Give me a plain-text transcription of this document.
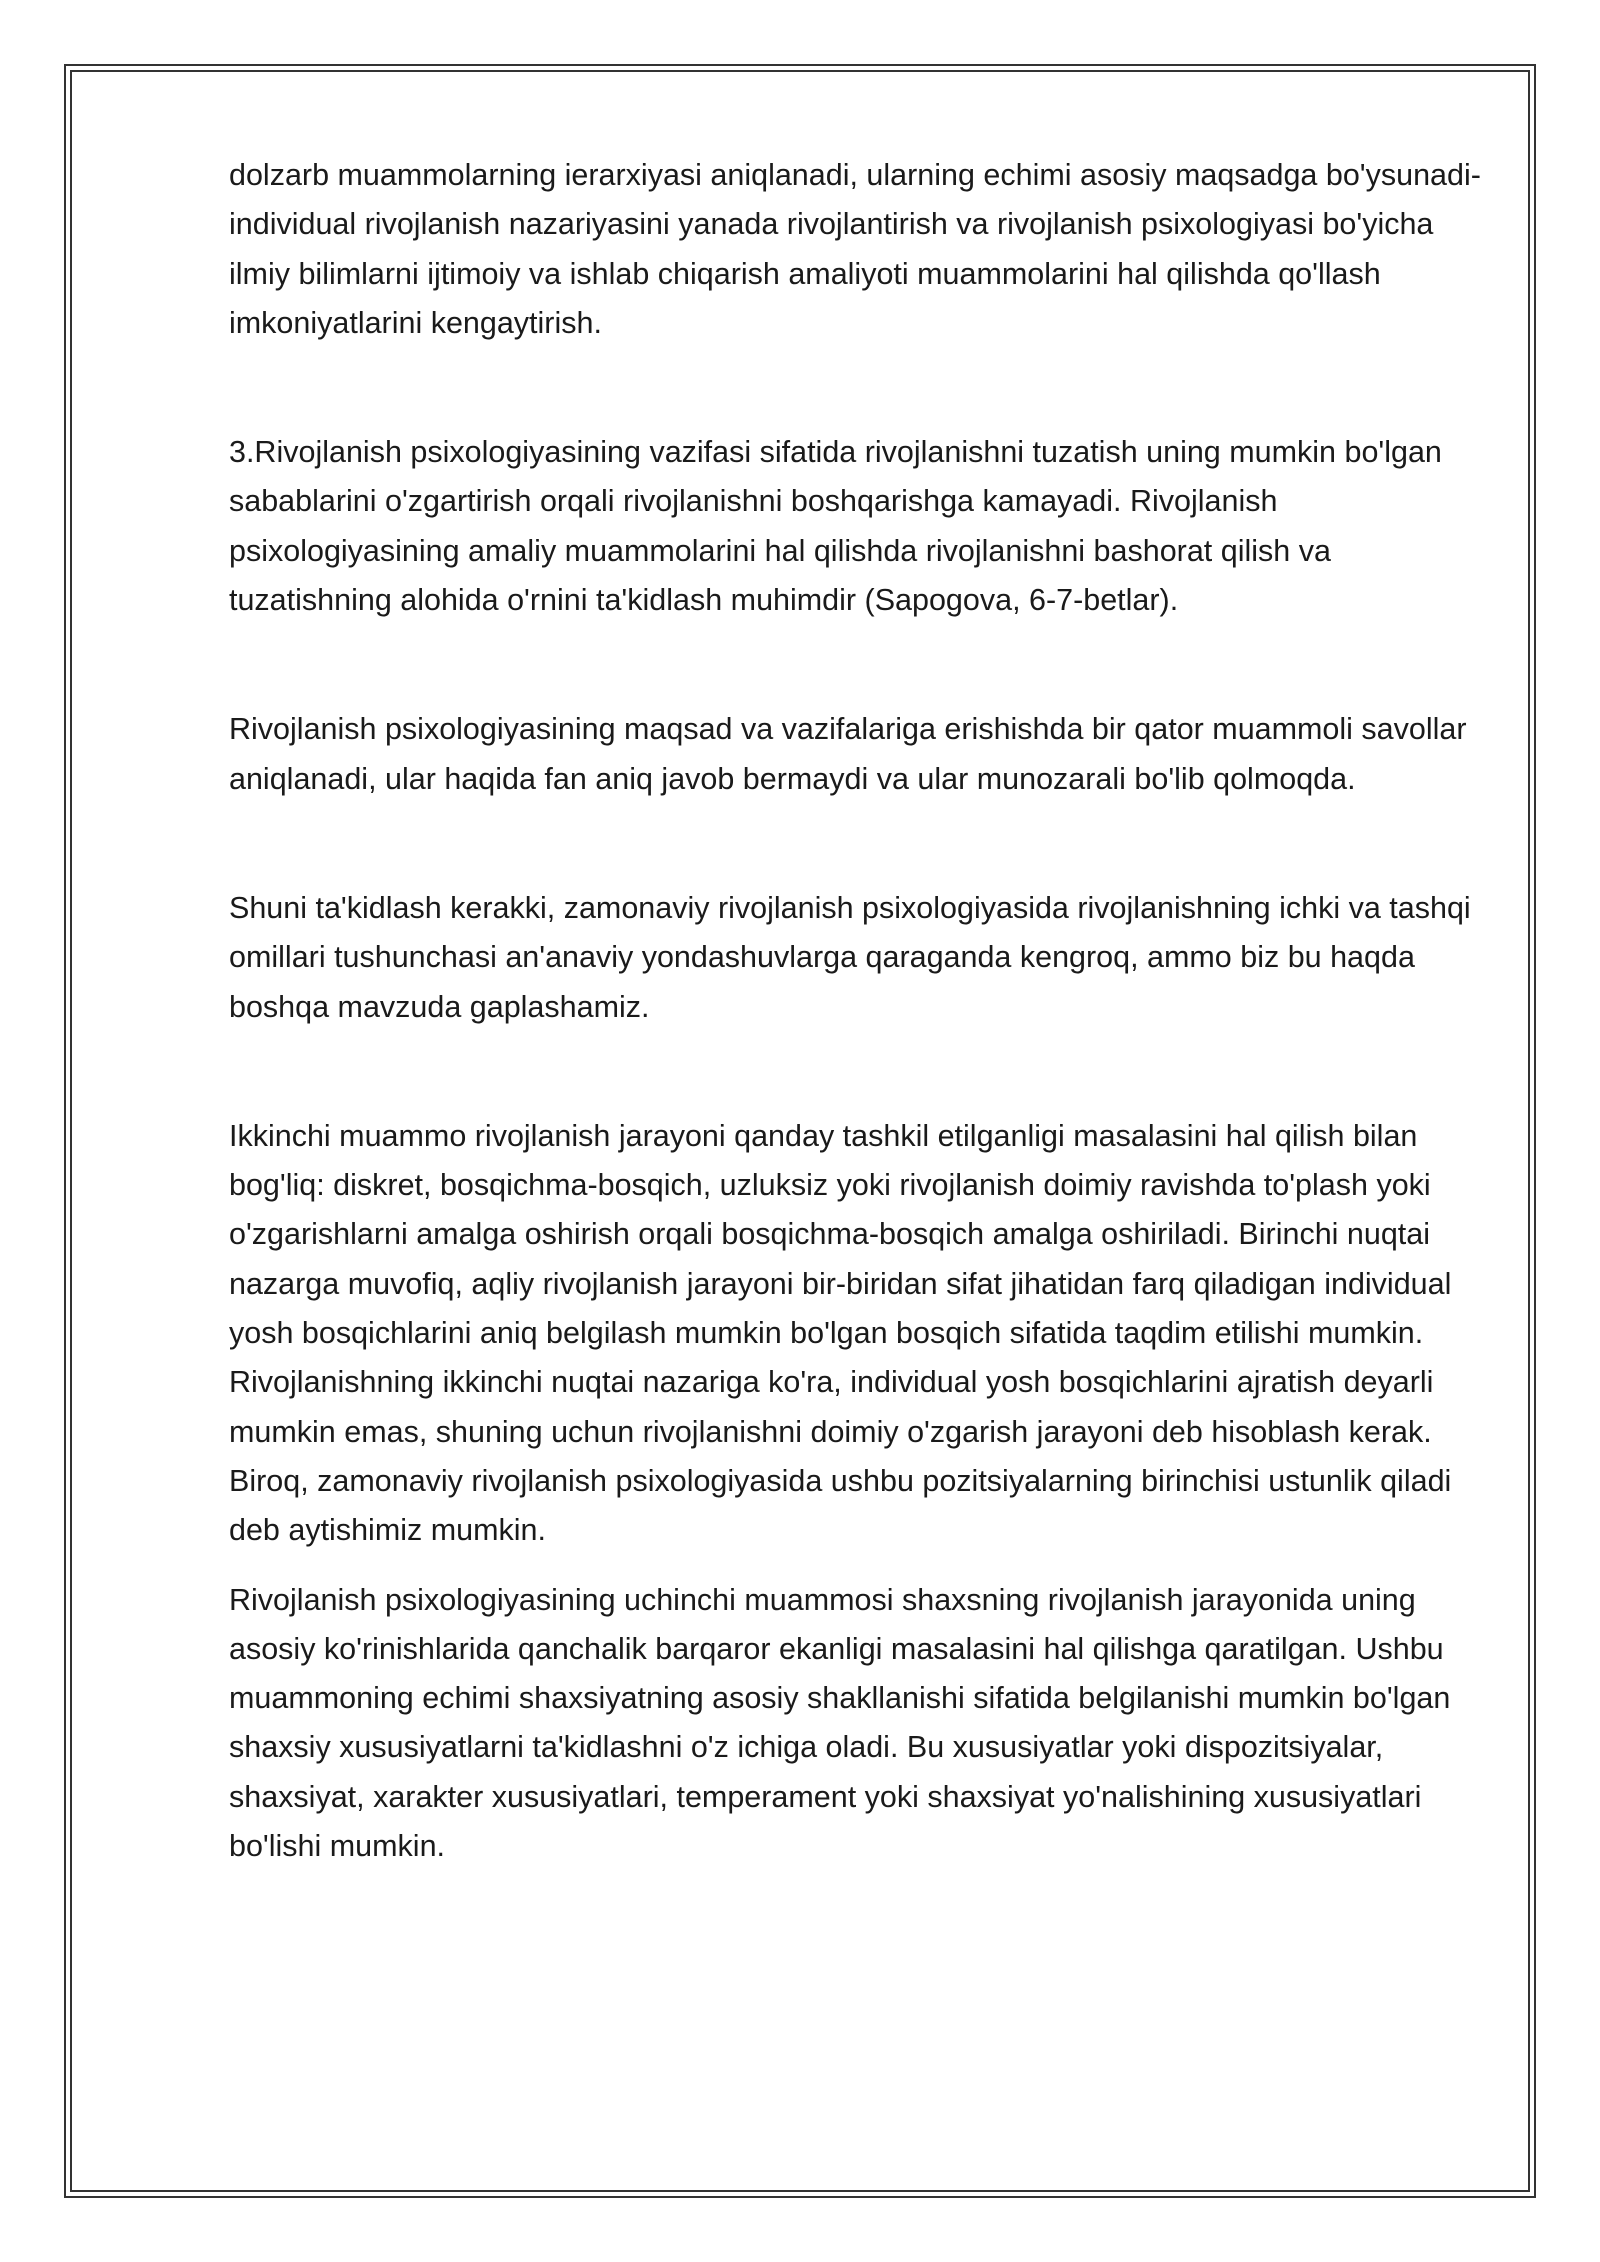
dolzarb muammolarning ierarxiyasi aniqlanadi, ularning echimi asosiy maqsadga bo'ysunadi-individual rivojlanish nazariyasini yanada rivojlantirish va rivojlanish psixologiyasi bo'yicha ilmiy bilimlarni ijtimoiy va ishlab chiqarish amaliyoti muammolarini hal qilishda qo'llash imkoniyatlarini kengaytirish.

3.Rivojlanish psixologiyasining vazifasi sifatida rivojlanishni tuzatish uning mumkin bo'lgan sabablarini o'zgartirish orqali rivojlanishni boshqarishga kamayadi. Rivojlanish psixologiyasining amaliy muammolarini hal qilishda rivojlanishni bashorat qilish va tuzatishning alohida o'rnini ta'kidlash muhimdir (Sapogova, 6-7-betlar).

Rivojlanish psixologiyasining maqsad va vazifalariga erishishda bir qator muammoli savollar aniqlanadi, ular haqida fan aniq javob bermaydi va ular munozarali bo'lib qolmoqda.

Shuni ta'kidlash kerakki, zamonaviy rivojlanish psixologiyasida rivojlanishning ichki va tashqi omillari tushunchasi an'anaviy yondashuvlarga qaraganda kengroq, ammo biz bu haqda boshqa mavzuda gaplashamiz.

Ikkinchi muammo rivojlanish jarayoni qanday tashkil etilganligi masalasini hal qilish bilan bog'liq: diskret, bosqichma-bosqich, uzluksiz yoki rivojlanish doimiy ravishda to'plash yoki o'zgarishlarni amalga oshirish orqali bosqichma-bosqich amalga oshiriladi. Birinchi nuqtai nazarga muvofiq, aqliy rivojlanish jarayoni bir-biridan sifat jihatidan farq qiladigan individual yosh bosqichlarini aniq belgilash mumkin bo'lgan bosqich sifatida taqdim etilishi mumkin. Rivojlanishning ikkinchi nuqtai nazariga ko'ra, individual yosh bosqichlarini ajratish deyarli mumkin emas, shuning uchun rivojlanishni doimiy o'zgarish jarayoni deb hisoblash kerak. Biroq, zamonaviy rivojlanish psixologiyasida ushbu pozitsiyalarning birinchisi ustunlik qiladi deb aytishimiz mumkin.

Rivojlanish psixologiyasining uchinchi muammosi shaxsning rivojlanish jarayonida uning asosiy ko'rinishlarida qanchalik barqaror ekanligi masalasini hal qilishga qaratilgan. Ushbu muammoning echimi shaxsiyatning asosiy shakllanishi sifatida belgilanishi mumkin bo'lgan shaxsiy xususiyatlarni ta'kidlashni o'z ichiga oladi. Bu xususiyatlar yoki dispozitsiyalar, shaxsiyat, xarakter xususiyatlari, temperament yoki shaxsiyat yo'nalishining xususiyatlari bo'lishi mumkin.
